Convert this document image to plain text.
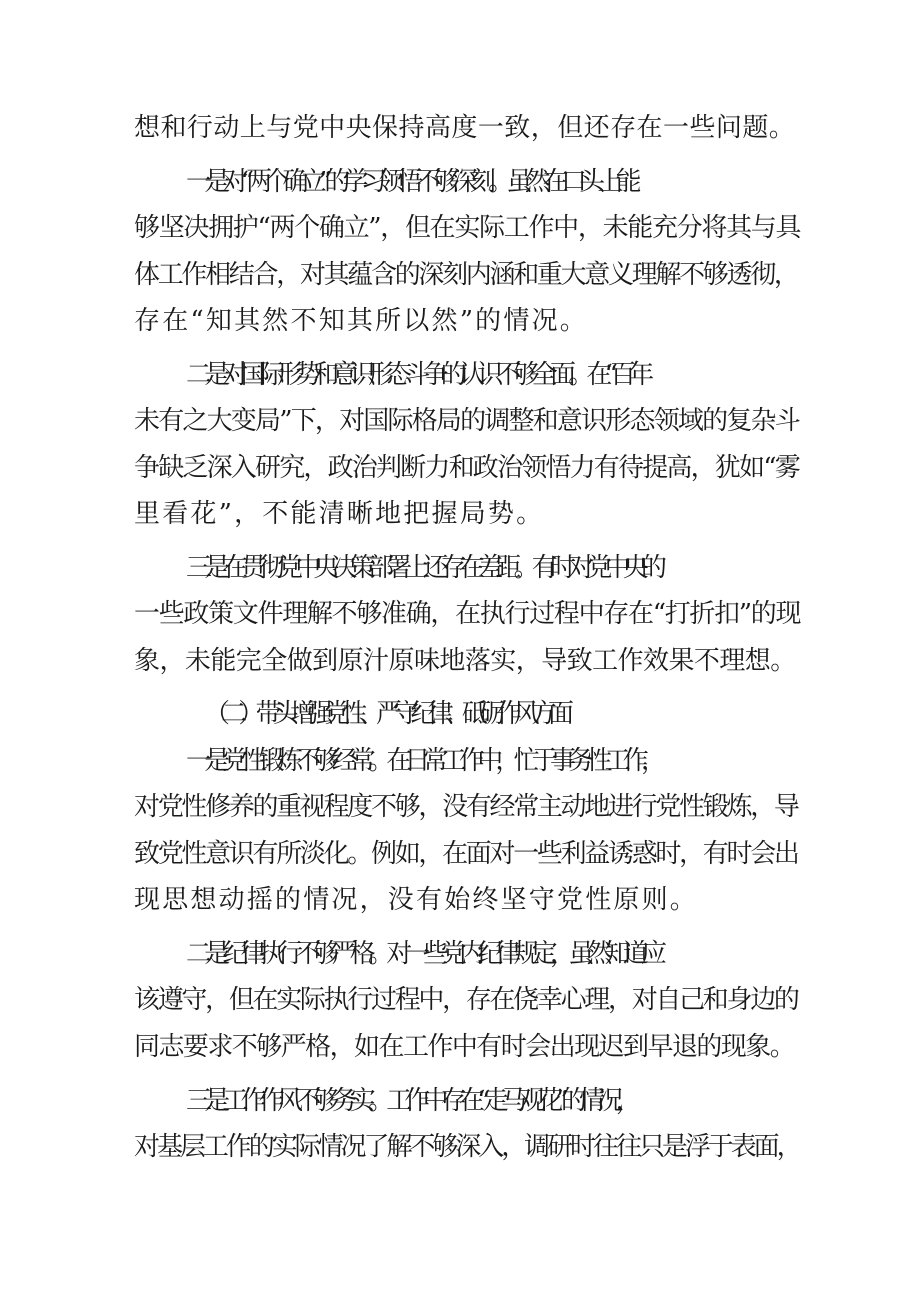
想和行动上与党中央保持高度一致，但还存在一些问题。
一是对“两个确立”的学习领悟不够深刻。虽然在口头上能
够坚决拥护“两个确立”，但在实际工作中，未能充分将其与具
体工作相结合，对其蕴含的深刻内涵和重大意义理解不够透彻，
存在“知其然不知其所以然”的情况。
二是对国际形势和意识形态斗争的认识不够全面。在“百年
未有之大变局”下，对国际格局的调整和意识形态领域的复杂斗
争缺乏深入研究，政治判断力和政治领悟力有待提高，犹如“雾
里看花”，不能清晰地把握局势。
三是在贯彻党中央决策部署上还存在差距。有时对党中央的
一些政策文件理解不够准确，在执行过程中存在“打折扣”的现
象，未能完全做到原汁原味地落实，导致工作效果不理想。
（二）带头增强党性、严守纪律、砥砺作风方面
一是党性锻炼不够经常。在日常工作中，忙于事务性工作，
对党性修养的重视程度不够，没有经常主动地进行党性锻炼，导
致党性意识有所淡化。例如，在面对一些利益诱惑时，有时会出
现思想动摇的情况，没有始终坚守党性原则。
二是纪律执行不够严格。对一些党内纪律规定，虽然知道应
该遵守，但在实际执行过程中，存在侥幸心理，对自己和身边的
同志要求不够严格，如在工作中有时会出现迟到早退的现象。
三是工作作风不够务实。工作中存在“走马观花”的情况，
对基层工作的实际情况了解不够深入，调研时往往只是浮于表面，
